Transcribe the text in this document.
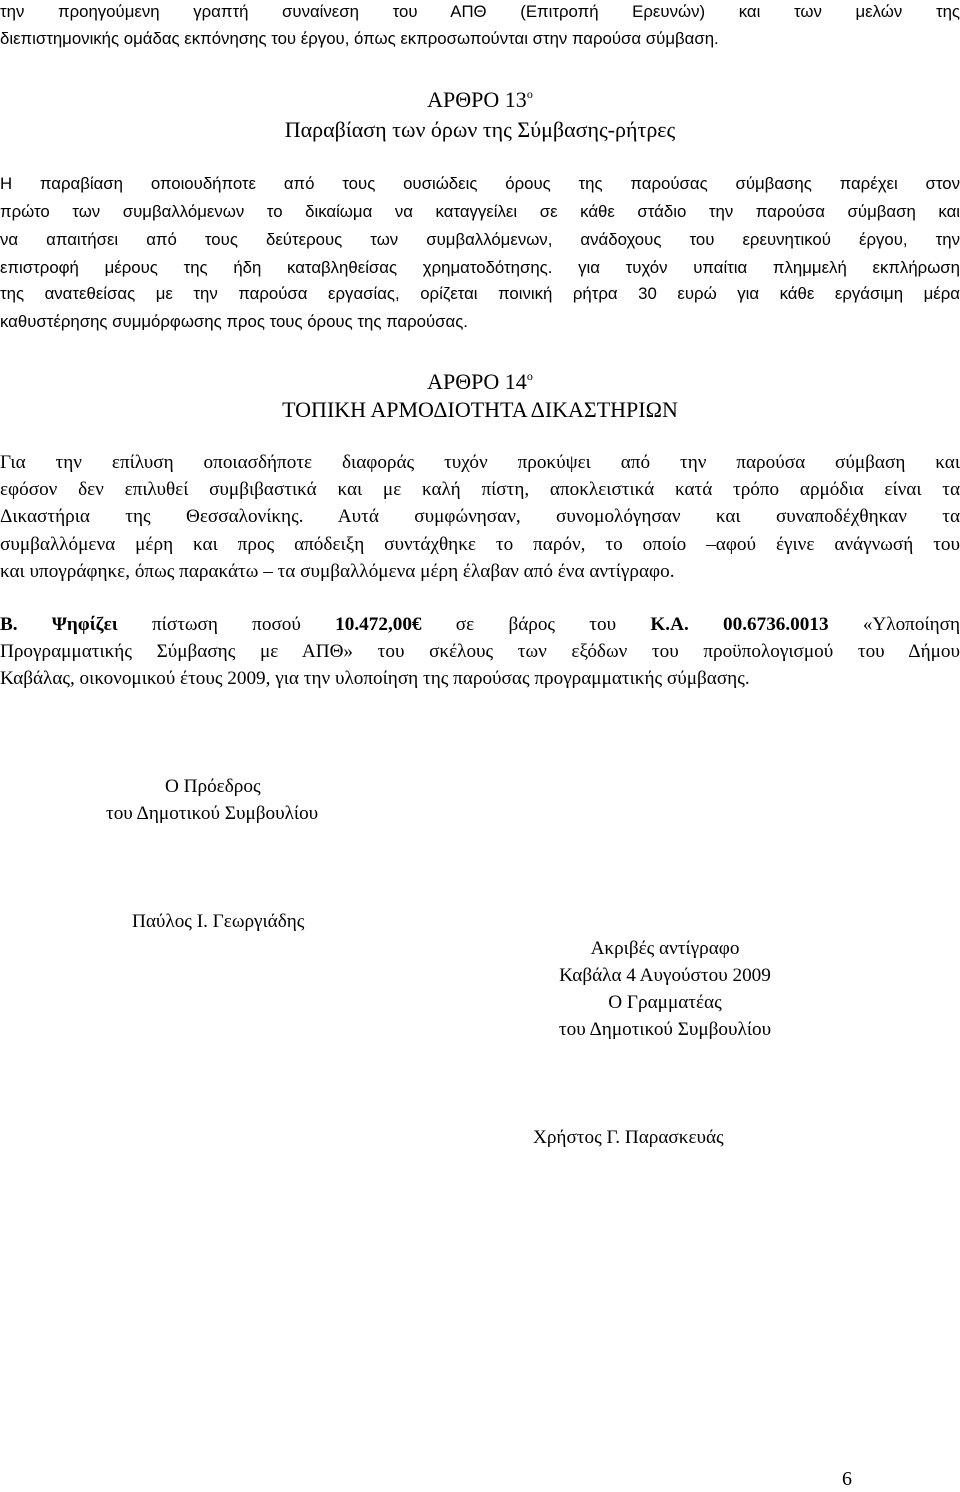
την προηγούμενη γραπτή συναίνεση του ΑΠΘ (Επιτροπή Ερευνών) και των μελών της

διεπιστημονικής ομάδας εκπόνησης του έργου, όπως εκπροσωπούνται στην παρούσα σύμβαση.

ΑΡΘΡΟ $13^o$
Παραβίαση των όρων της Σύμβασης-ρήτρες

Η παραβίαση οποιουδήποτε από τους ουσιώδεις όρους της παρούσας σύμβασης παρέχει στον

πρώτο των συμβαλλόμενων το δικαίωμα να καταγγείλει σε κάθε στάδιο την παρούσα σύμβαση και

να απαιτήσει από τους δεύτερους των συμβαλλόμενων, ανάδοχους του ερευνητικού έργου, την

επιστροφή μέρους της ήδη καταβληθείσας χρηματοδότησης. για τυχόν υπαίτια πλημμελή εκπλήρωση

της ανατεθείσας με την παρούσα εργασίας, ορίζεται ποινική ρήτρα 30 ευρώ για κάθε εργάσιμη μέρα

καθυστέρησης συμμόρφωσης προς τους όρους της παρούσας.

ΑΡΘΡΟ $14^o$
ΤΟΠΙΚΗ ΑΡΜΟΔΙΟΤΗΤΑ ΔΙΚΑΣΤΗΡΙΩΝ

Για την επίλυση οποιασδήποτε διαφοράς τυχόν προκύψει από την παρούσα σύμβαση και

εφόσον δεν επιλυθεί συμβιβαστικά και με καλή πίστη, αποκλειστικά κατά τρόπο αρμόδια είναι τα

Δικαστήρια της Θεσσαλονίκης. Αυτά συμφώνησαν, συνομολόγησαν και συναποδέχθηκαν τα

συμβαλλόμενα μέρη και προς απόδειξη συντάχθηκε το παρόν, το οποίο –αφού έγινε ανάγνωσή του

και υπογράφηκε, όπως παρακάτω – τα συμβαλλόμενα μέρη έλαβαν από ένα αντίγραφο.

Β. Ψηφίζει πίστωση ποσού 10.472,00€ σε βάρος του Κ.Α. 00.6736.0013 «Υλοποίηση

Προγραμματικής Σύμβασης με ΑΠΘ» του σκέλους των εξόδων του προϋπολογισμού του Δήμου

Καβάλας, οικονομικού έτους 2009, για την υλοποίηση της παρούσας προγραμματικής σύμβασης.

Ο Πρόεδρος
του Δημοτικού Συμβουλίου
Παύλος Ι. Γεωργιάδης
Ακριβές αντίγραφο
Καβάλα 4 Αυγούστου 2009
Ο Γραμματέας
του Δημοτικού Συμβουλίου
Χρήστος Γ. Παρασκευάς
6
